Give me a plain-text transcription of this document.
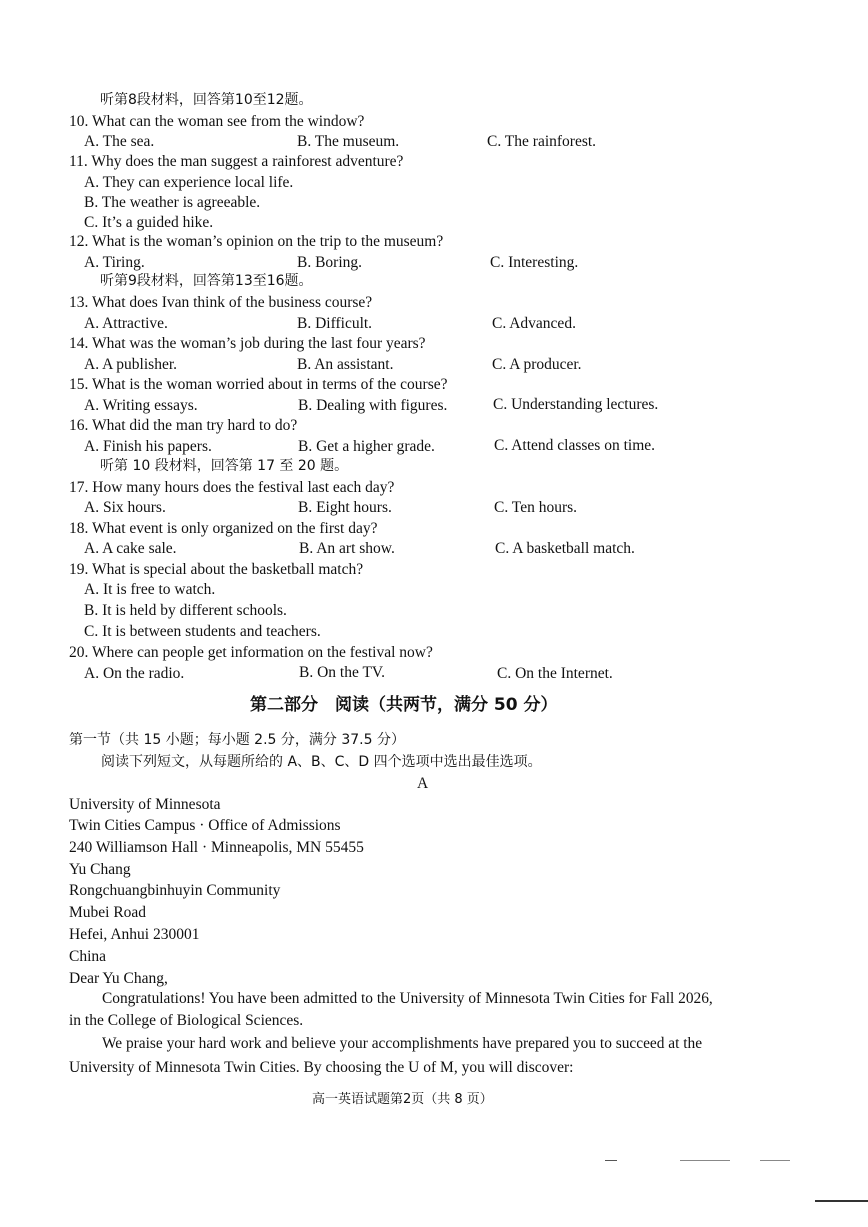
听第8段材料，回答第10至12题。
10. What can the woman see from the window?
A. The sea.	B. The museum.	C. The rainforest.
11. Why does the man suggest a rainforest adventure?
A. They can experience local life.
B. The weather is agreeable.
C. It’s a guided hike.
12. What is the woman’s opinion on the trip to the museum?
A. Tiring.	B. Boring.	C. Interesting.
听第9段材料，回答第13至16题。
13. What does Ivan think of the business course?
A. Attractive.	B. Difficult.	C. Advanced.
14. What was the woman’s job during the last four years?
A. A publisher.	B. An assistant.	C. A producer.
15. What is the woman worried about in terms of the course?
A. Writing essays.	B. Dealing with figures.	C. Understanding lectures.
16. What did the man try hard to do?
A. Finish his papers.	B. Get a higher grade.	C. Attend classes on time.
听第 10 段材料，回答第 17 至 20 题。
17. How many hours does the festival last each day?
A. Six hours.	B. Eight hours.	C. Ten hours.
18. What event is only organized on the first day?
A. A cake sale.	B. An art show.	C. A basketball match.
19. What is special about the basketball match?
A. It is free to watch.
B. It is held by different schools.
C. It is between students and teachers.
20. Where can people get information on the festival now?
A. On the radio.	B. On the TV.	C. On the Internet.
第二部分　阅读（共两节，满分 50 分）
第一节（共 15 小题；每小题 2.5 分，满分 37.5 分）
阅读下列短文，从每题所给的 A、B、C、D 四个选项中选出最佳选项。
A
University of Minnesota
Twin Cities Campus · Office of Admissions
240 Williamson Hall · Minneapolis, MN 55455
Yu Chang
Rongchuangbinhuyin Community
Mubei Road
Hefei, Anhui 230001
China
Dear Yu Chang,
Congratulations! You have been admitted to the University of Minnesota Twin Cities for Fall 2026,
in the College of Biological Sciences.
We praise your hard work and believe your accomplishments have prepared you to succeed at the
University of Minnesota Twin Cities. By choosing the U of M, you will discover:
高一英语试题第2页（共 8 页）
